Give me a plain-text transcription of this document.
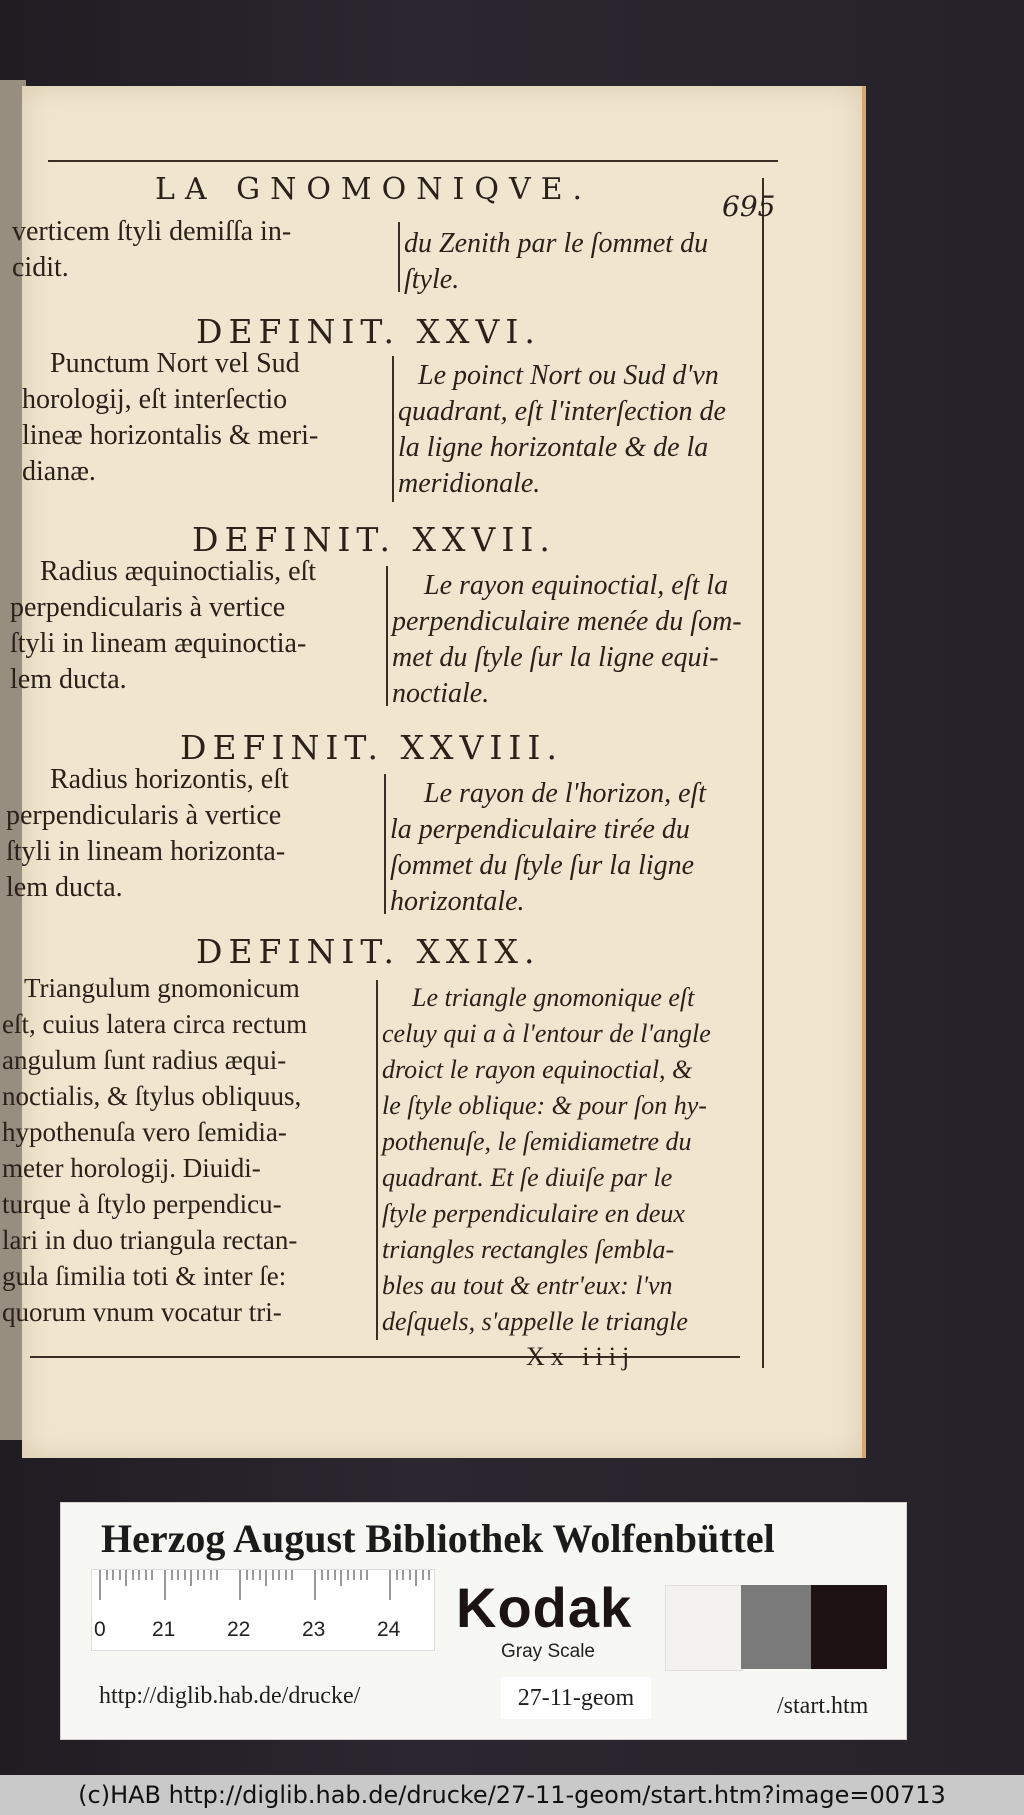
LA GNOMONIQVE.	695

verticem ſtyli demiſſa in-

cidit.

du Zenith par le ſommet du

ſtyle.

DEFINIT. XXVI.

Punctum Nort vel Sud

horologij, eſt interſectio

lineæ horizontalis & meri-

dianæ.

Le poinct Nort ou Sud d'vn

quadrant, eſt l'interſection de

la ligne horizontale & de la

meridionale.

DEFINIT. XXVII.

Radius æquinoctialis, eſt

perpendicularis à vertice

ſtyli in lineam æquinoctia-

lem ducta.

Le rayon equinoctial, eſt la

perpendiculaire menée du ſom-

met du ſtyle ſur la ligne equi-

noctiale.

DEFINIT. XXVIII.

Radius horizontis, eſt

perpendicularis à vertice

ſtyli in lineam horizonta-

lem ducta.

Le rayon de l'horizon, eſt

la perpendiculaire tirée du

ſommet du ſtyle ſur la ligne

horizontale.

DEFINIT. XXIX.

Triangulum gnomonicum

eſt, cuius latera circa rectum

angulum ſunt radius æqui-

noctialis, & ſtylus obliquus,

hypothenuſa vero ſemidia-

meter horologij. Diuidi-

turque à ſtylo perpendicu-

lari in duo triangula rectan-

gula ſimilia toti & inter ſe:

quorum vnum vocatur tri-

Le triangle gnomonique eſt

celuy qui a à l'entour de l'angle

droict le rayon equinoctial, &

le ſtyle oblique: & pour ſon hy-

pothenuſe, le ſemidiametre du

quadrant. Et ſe diuiſe par le

ſtyle perpendiculaire en deux

triangles rectangles ſembla-

bles au tout & entr'eux: l'vn

deſquels, s'appelle le triangle

Xx iiij
Herzog August Bibliothek Wolfenbüttel
0 21 22 23 24 Kodak
Gray Scale
http://diglib.hab.de/drucke/	27-11-geom	/start.htm
(c)HAB http://diglib.hab.de/drucke/27-11-geom/start.htm?image=00713
